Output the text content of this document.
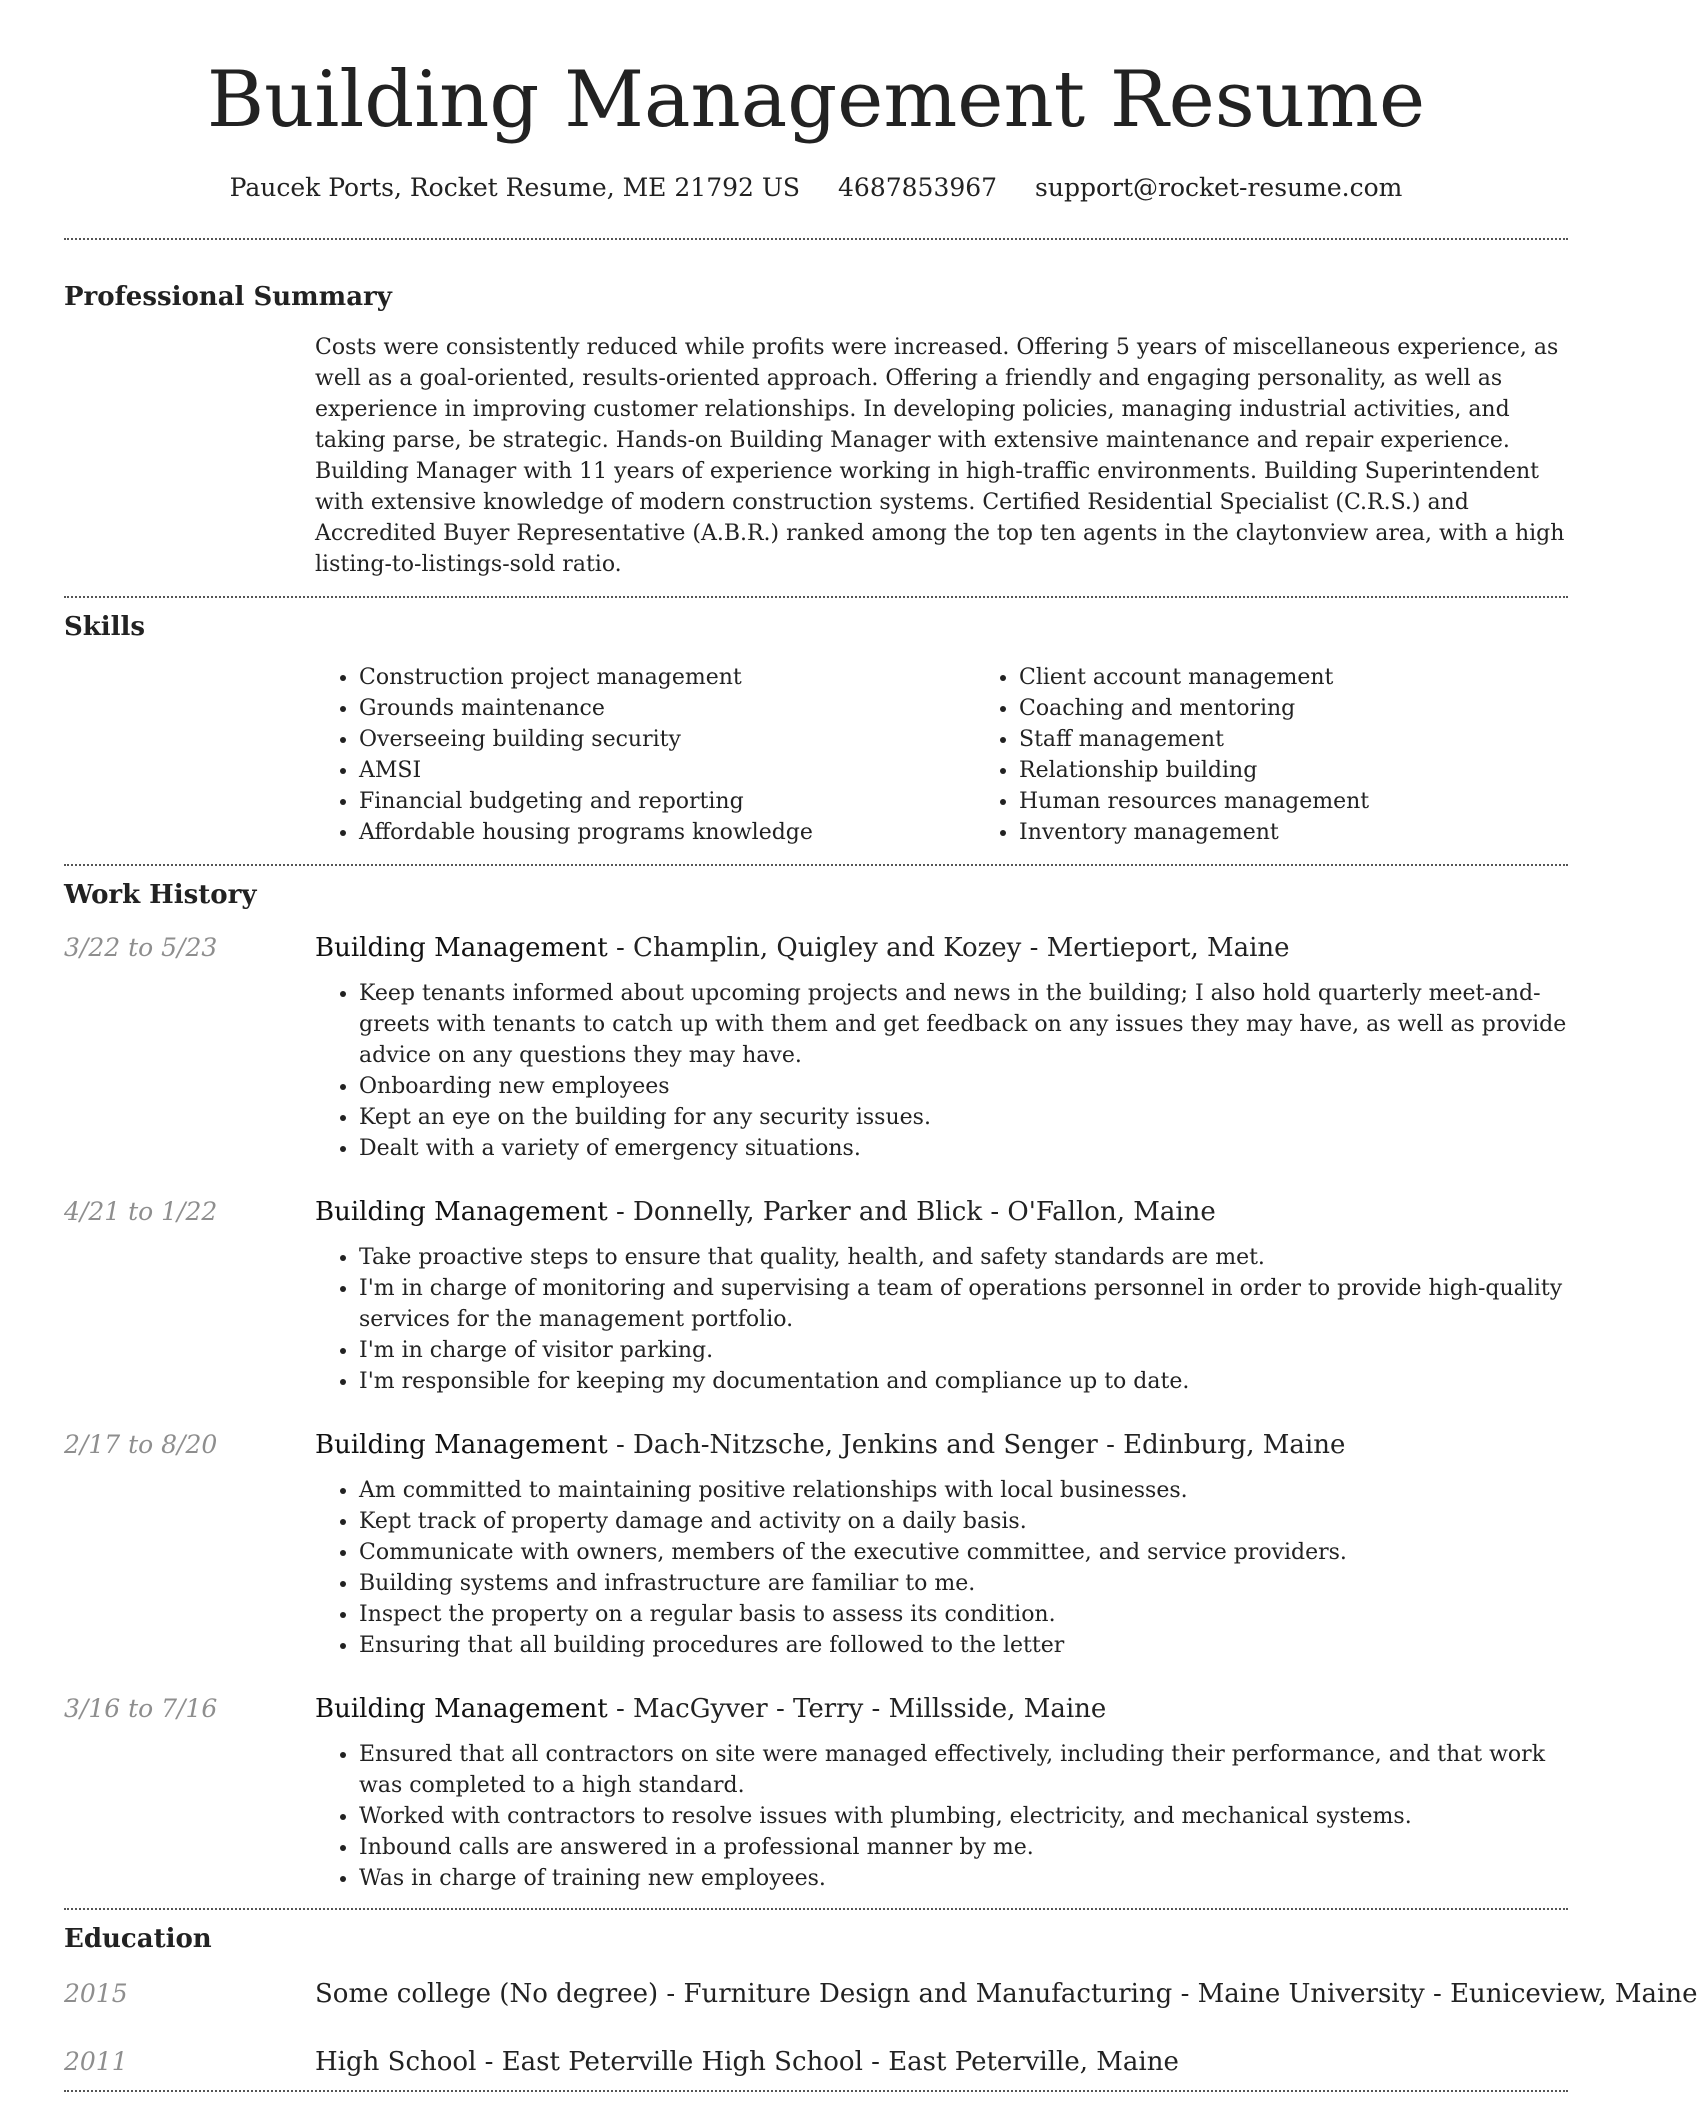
Building Management Resume
Paucek Ports, Rocket Resume, ME 21792 US 4687853967 support@rocket-resume.com
Professional Summary

Costs were consistently reduced while profits were increased. Offering 5 years of miscellaneous experience, as well as a goal-oriented, results-oriented approach. Offering a friendly and engaging personality, as well as experience in improving customer relationships. In developing policies, managing industrial activities, and taking parse, be strategic. Hands-on Building Manager with extensive maintenance and repair experience. Building Manager with 11 years of experience working in high-traffic environments. Building Superintendent with extensive knowledge of modern construction systems. Certified Residential Specialist (C.R.S.) and Accredited Buyer Representative (A.B.R.) ranked among the top ten agents in the claytonview area, with a high listing-to-listings-sold ratio.

Skills
• Construction project management
• Grounds maintenance
• Overseeing building security
• AMSI
• Financial budgeting and reporting
• Affordable housing programs knowledge
• Client account management
• Coaching and mentoring
• Staff management
• Relationship building
• Human resources management
• Inventory management
Work History
3/22 to 5/23	Building Management - Champlin, Quigley and Kozey - Mertieport, Maine

• Keep tenants informed about upcoming projects and news in the building; I also hold quarterly meet-and-greets with tenants to catch up with them and get feedback on any issues they may have, as well as provide advice on any questions they may have.
• Onboarding new employees
• Kept an eye on the building for any security issues.
• Dealt with a variety of emergency situations.
4/21 to 1/22	Building Management - Donnelly, Parker and Blick - O'Fallon, Maine

• Take proactive steps to ensure that quality, health, and safety standards are met.
• I'm in charge of monitoring and supervising a team of operations personnel in order to provide high-quality services for the management portfolio.
• I'm in charge of visitor parking.
• I'm responsible for keeping my documentation and compliance up to date.
2/17 to 8/20	Building Management - Dach-Nitzsche, Jenkins and Senger - Edinburg, Maine

• Am committed to maintaining positive relationships with local businesses.
• Kept track of property damage and activity on a daily basis.
• Communicate with owners, members of the executive committee, and service providers.
• Building systems and infrastructure are familiar to me.
• Inspect the property on a regular basis to assess its condition.
• Ensuring that all building procedures are followed to the letter
3/16 to 7/16	Building Management - MacGyver - Terry - Millsside, Maine

• Ensured that all contractors on site were managed effectively, including their performance, and that work was completed to a high standard.
• Worked with contractors to resolve issues with plumbing, electricity, and mechanical systems.
• Inbound calls are answered in a professional manner by me.
• Was in charge of training new employees.
Education
2015	Some college (No degree) - Furniture Design and Manufacturing - Maine University - Euniceview, Maine
2011	High School - East Peterville High School - East Peterville, Maine
